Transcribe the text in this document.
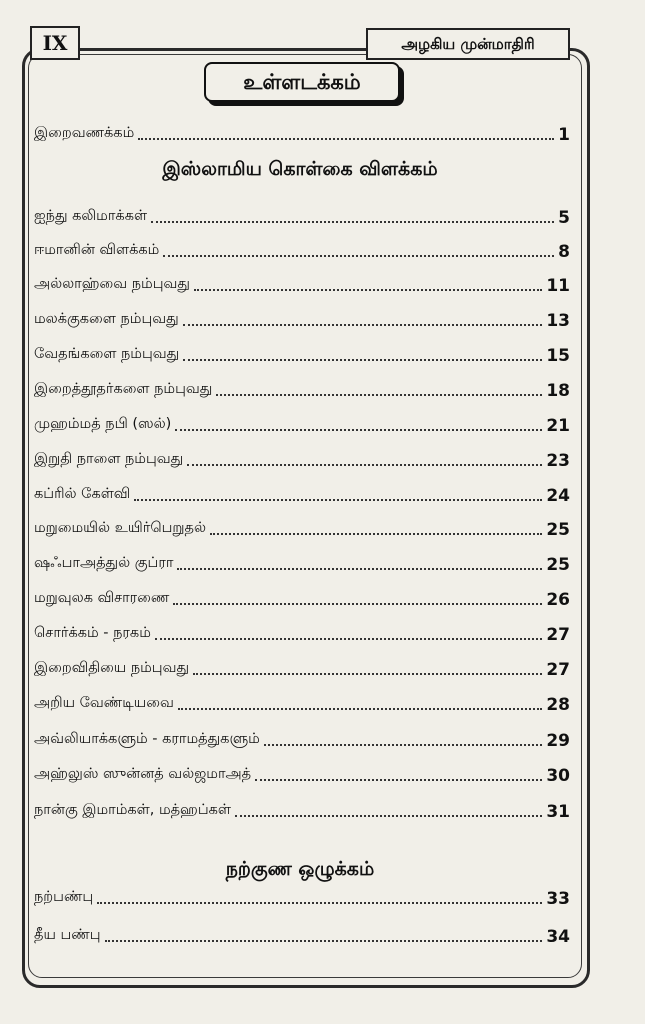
IX	அழகிய முன்மாதிரி
உள்ளடக்கம்
இறைவணக்கம்	1
இஸ்லாமிய கொள்கை விளக்கம்
ஐந்து கலிமாக்கள்	5
ஈமானின் விளக்கம்	8
அல்லாஹ்வை நம்புவது	11
மலக்குகளை நம்புவது	13
வேதங்களை நம்புவது	15
இறைத்தூதர்களை நம்புவது	18
முஹம்மத் நபி (ஸல்)	21
இறுதி நாளை நம்புவது	23
கப்ரில் கேள்வி	24
மறுமையில் உயிர்பெறுதல்	25
ஷஃபாஅத்துல் குப்ரா	25
மறுவுலக விசாரணை	26
சொர்க்கம் - நரகம்	27
இறைவிதியை நம்புவது	27
அறிய வேண்டியவை	28
அவ்லியாக்களும் - கராமத்துகளும்	29
அஹ்லுஸ் ஸுன்னத் வல்ஜமாஅத்	30
நான்கு இமாம்கள், மத்ஹப்கள்	31
நற்குண ஒழுக்கம்
நற்பண்பு	33
தீய பண்பு	34
